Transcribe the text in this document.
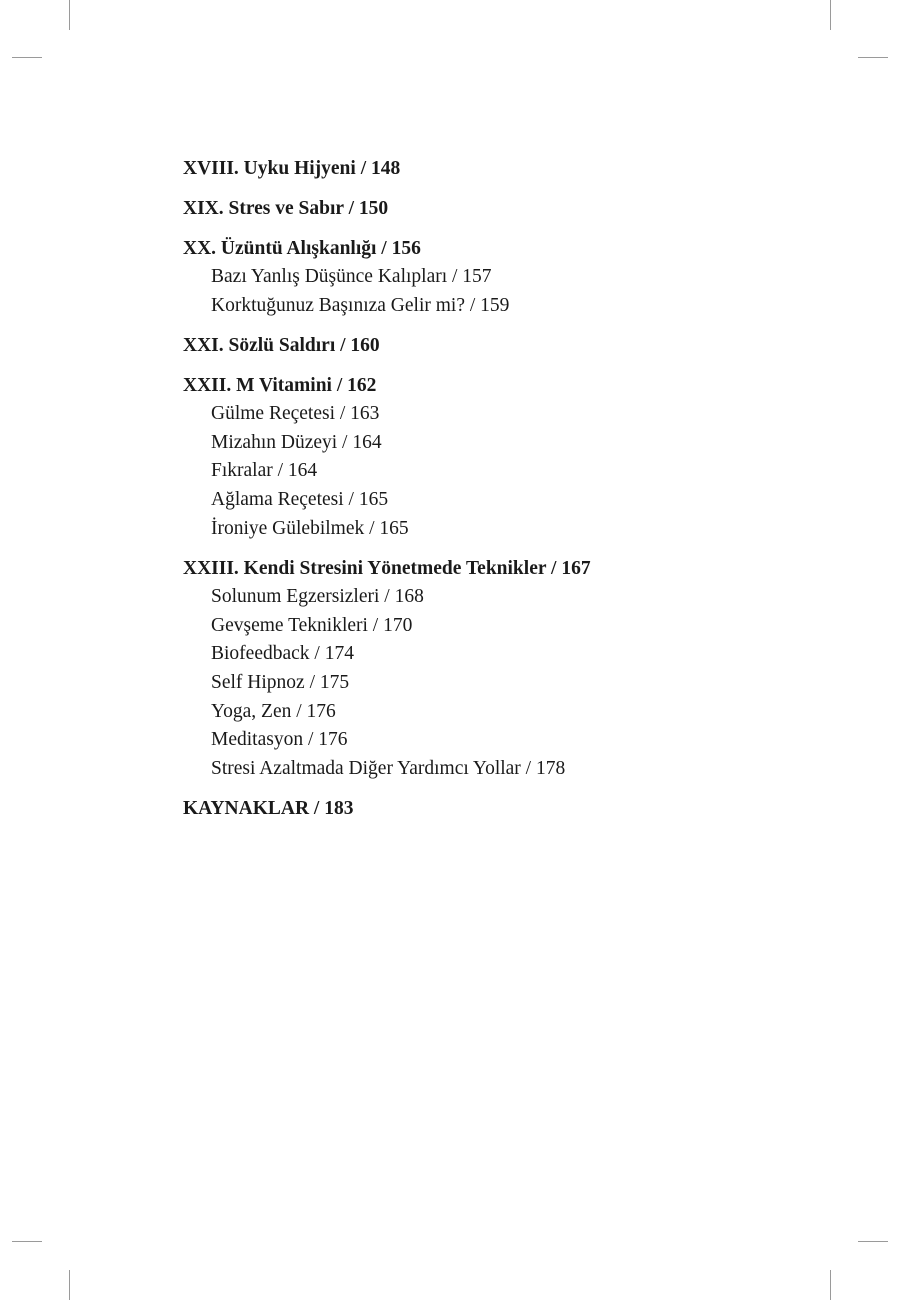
XVIII. Uyku Hijyeni / 148
XIX. Stres ve Sabır / 150
XX. Üzüntü Alışkanlığı / 156
Bazı Yanlış Düşünce Kalıpları / 157
Korktuğunuz Başınıza Gelir mi? / 159
XXI. Sözlü Saldırı / 160
XXII. M Vitamini / 162
Gülme Reçetesi / 163
Mizahın Düzeyi / 164
Fıkralar / 164
Ağlama Reçetesi / 165
İroniye Gülebilmek / 165
XXIII. Kendi Stresini Yönetmede Teknikler / 167
Solunum Egzersizleri / 168
Gevşeme Teknikleri / 170
Biofeedback / 174
Self Hipnoz / 175
Yoga, Zen / 176
Meditasyon / 176
Stresi Azaltmada Diğer Yardımcı Yollar / 178
KAYNAKLAR / 183
